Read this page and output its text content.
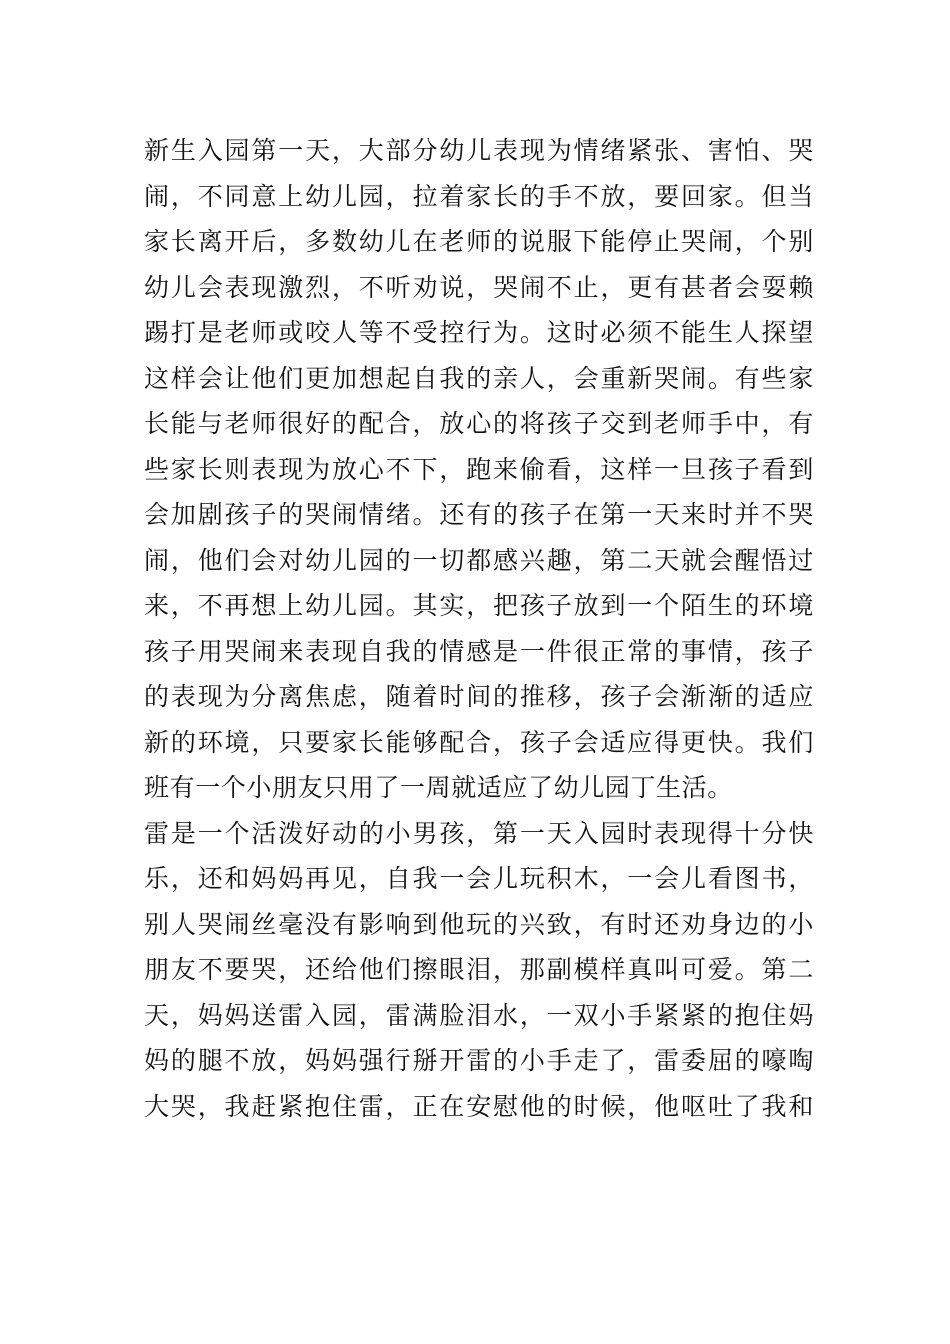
新生入园第一天，大部分幼儿表现为情绪紧张、害怕、哭
闹，不同意上幼儿园，拉着家长的手不放，要回家。但当
家长离开后，多数幼儿在老师的说服下能停止哭闹，个别
幼儿会表现激烈，不听劝说，哭闹不止，更有甚者会耍赖
踢打是老师或咬人等不受控行为。这时必须不能生人探望
这样会让他们更加想起自我的亲人，会重新哭闹。有些家
长能与老师很好的配合，放心的将孩子交到老师手中，有
些家长则表现为放心不下，跑来偷看，这样一旦孩子看到
会加剧孩子的哭闹情绪。还有的孩子在第一天来时并不哭
闹，他们会对幼儿园的一切都感兴趣，第二天就会醒悟过
来，不再想上幼儿园。其实，把孩子放到一个陌生的环境
孩子用哭闹来表现自我的情感是一件很正常的事情，孩子
的表现为分离焦虑，随着时间的推移，孩子会渐渐的适应
新的环境，只要家长能够配合，孩子会适应得更快。我们
班有一个小朋友只用了一周就适应了幼儿园丁生活。
雷是一个活泼好动的小男孩，第一天入园时表现得十分快
乐，还和妈妈再见，自我一会儿玩积木，一会儿看图书，
别人哭闹丝毫没有影响到他玩的兴致，有时还劝身边的小
朋友不要哭，还给他们擦眼泪，那副模样真叫可爱。第二
天，妈妈送雷入园，雷满脸泪水，一双小手紧紧的抱住妈
妈的腿不放，妈妈强行掰开雷的小手走了，雷委屈的嚎啕
大哭，我赶紧抱住雷，正在安慰他的时候，他呕吐了我和
